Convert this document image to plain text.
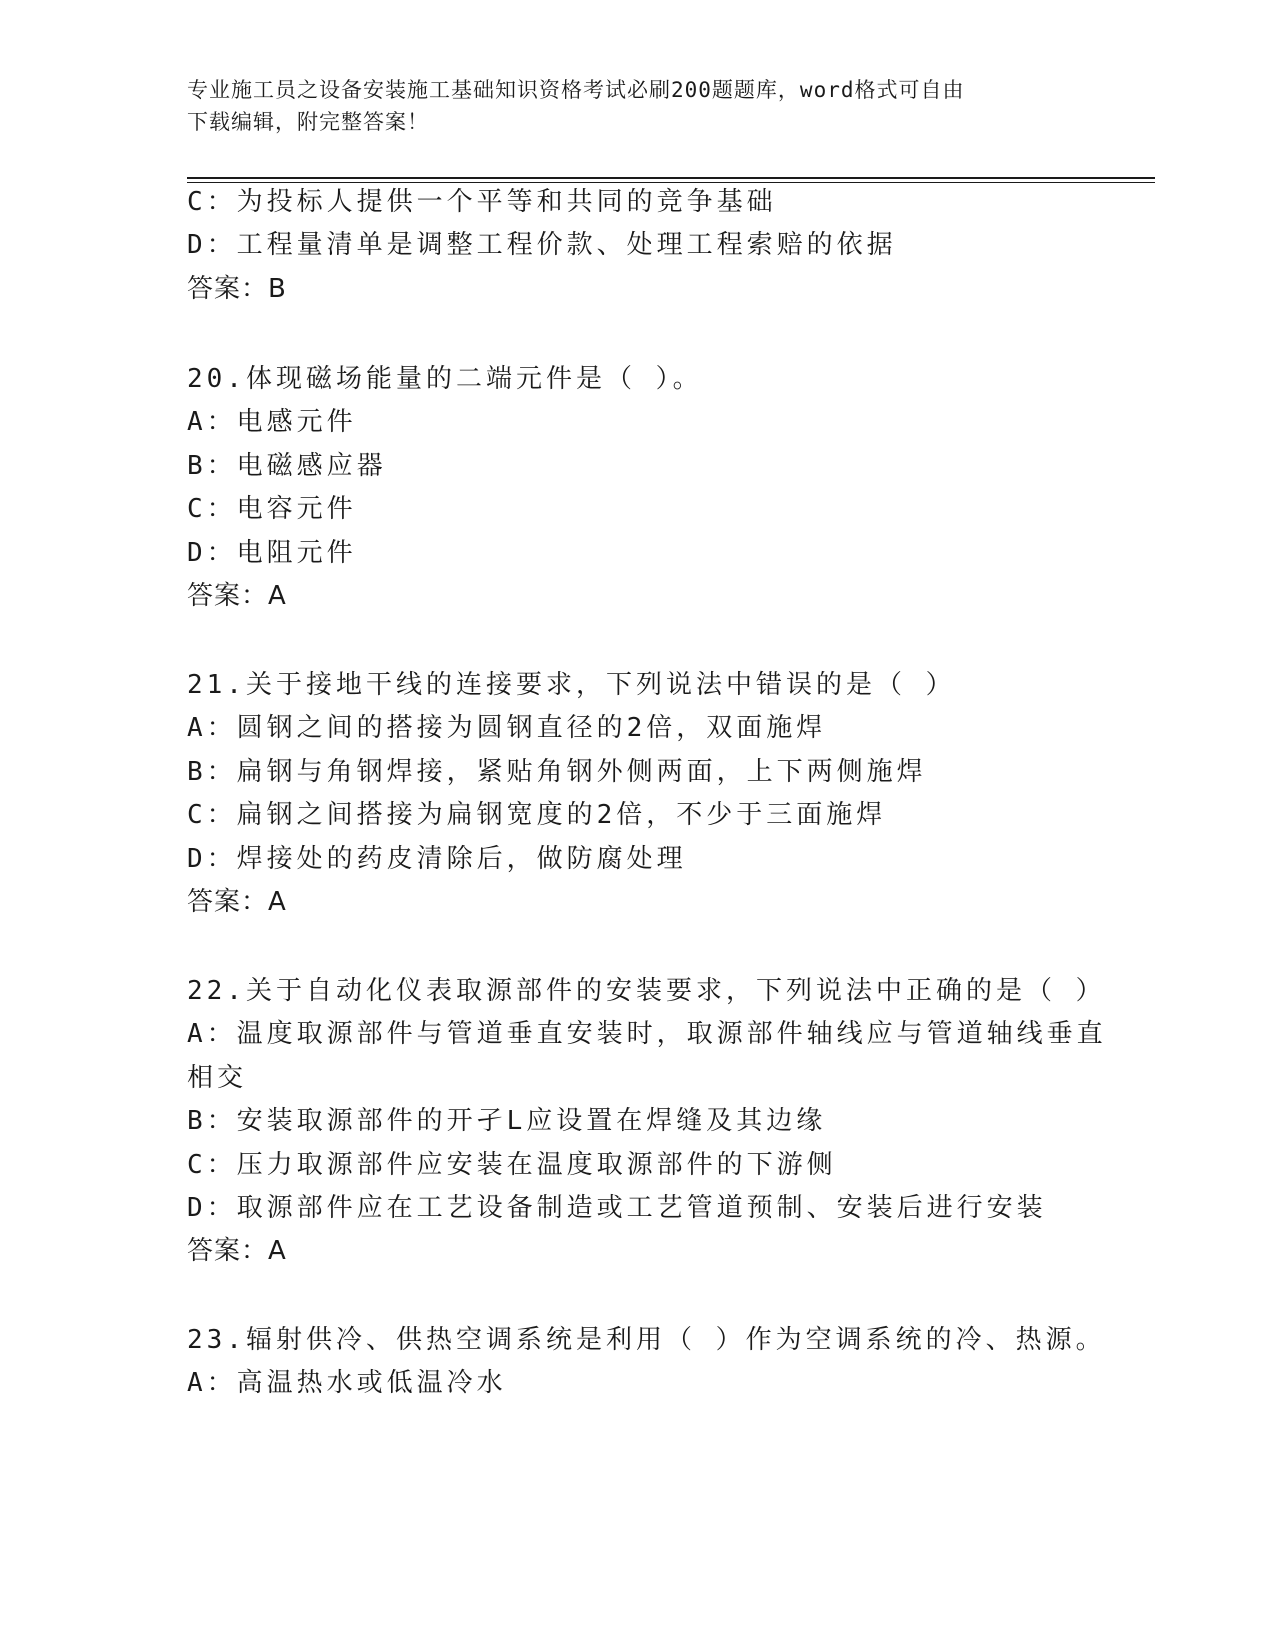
专业施工员之设备安装施工基础知识资格考试必刷200题题库，word格式可自由
下载编辑，附完整答案！
C：为投标人提供一个平等和共同的竞争基础
D：工程量清单是调整工程价款、处理工程索赔的依据
答案：B
20.体现磁场能量的二端元件是（ ）。
A：电感元件
B：电磁感应器
C：电容元件
D：电阻元件
答案：A
21.关于接地干线的连接要求，下列说法中错误的是（ ）
A：圆钢之间的搭接为圆钢直径的2倍，双面施焊
B：扁钢与角钢焊接，紧贴角钢外侧两面，上下两侧施焊
C：扁钢之间搭接为扁钢宽度的2倍，不少于三面施焊
D：焊接处的药皮清除后，做防腐处理
答案：A
22.关于自动化仪表取源部件的安装要求，下列说法中正确的是（ ）
A：温度取源部件与管道垂直安装时，取源部件轴线应与管道轴线垂直
相交
B：安装取源部件的开孑L应设置在焊缝及其边缘
C：压力取源部件应安装在温度取源部件的下游侧
D：取源部件应在工艺设备制造或工艺管道预制、安装后进行安装
答案：A
23.辐射供冷、供热空调系统是利用（ ）作为空调系统的冷、热源。
A：高温热水或低温冷水
